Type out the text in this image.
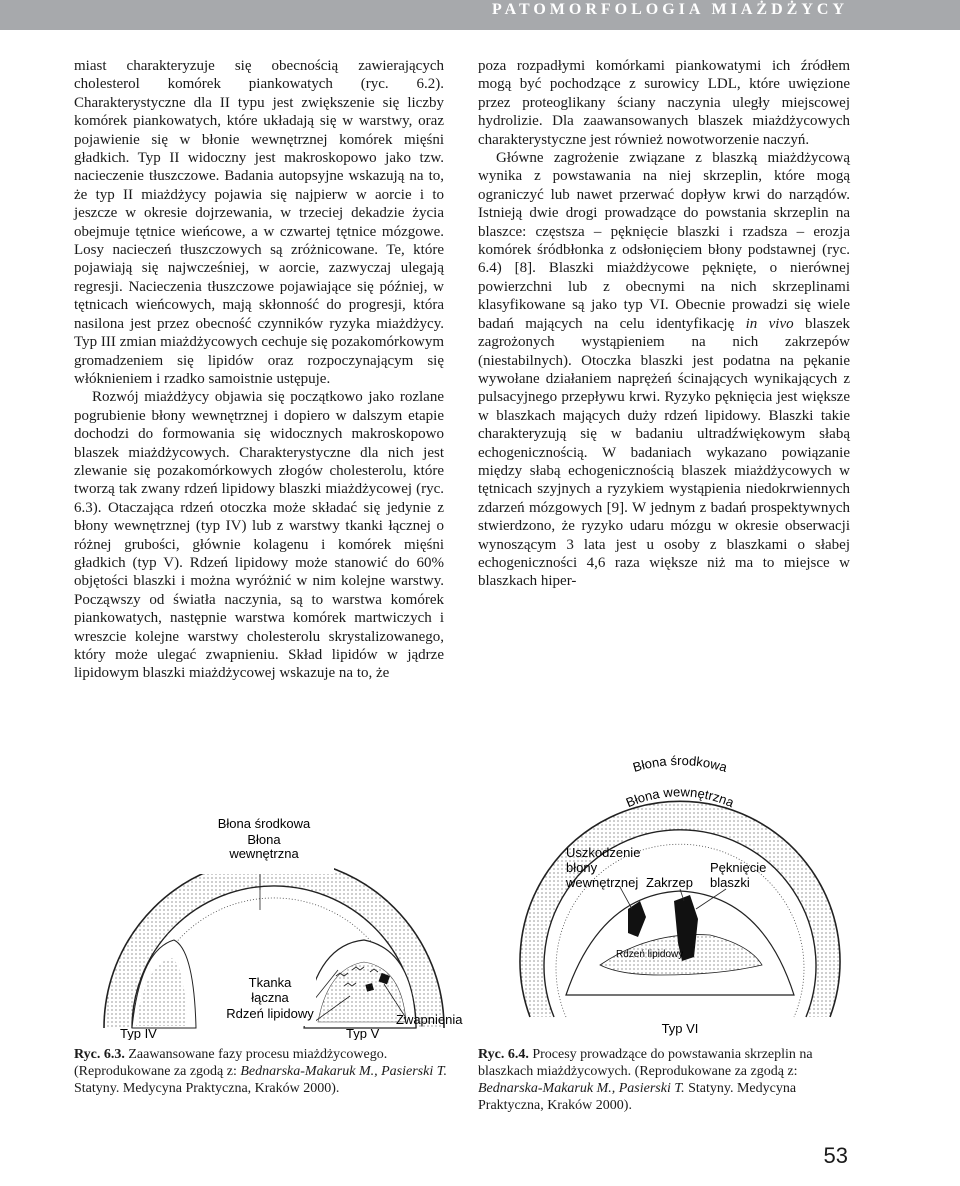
PATOMORFOLOGIA MIAŻDŻYCY

miast charakteryzuje się obecnością zawierających cholesterol komórek piankowatych (ryc. 6.2). Charakterystyczne dla II typu jest zwiększenie się liczby komórek piankowatych, które układają się w warstwy, oraz pojawienie się w błonie wewnętrznej komórek mięśni gładkich. Typ II widoczny jest makroskopowo jako tzw. nacieczenie tłuszczowe. Badania autopsyjne wskazują na to, że typ II miażdżycy pojawia się najpierw w aorcie i to jeszcze w okresie dojrzewania, w trzeciej dekadzie życia obejmuje tętnice wieńcowe, a w czwartej tętnice mózgowe. Losy nacieczeń tłuszczowych są zróżnicowane. Te, które pojawiają się najwcześniej, w aorcie, zazwyczaj ulegają regresji. Nacieczenia tłuszczowe pojawiające się później, w tętnicach wieńcowych, mają skłonność do progresji, która nasilona jest przez obecność czynników ryzyka miażdżycy. Typ III zmian miażdżycowych cechuje się pozakomórkowym gromadzeniem się lipidów oraz rozpoczynającym się włóknieniem i rzadko samoistnie ustępuje.

Rozwój miażdżycy objawia się początkowo jako rozlane pogrubienie błony wewnętrznej i dopiero w dalszym etapie dochodzi do formowania się widocznych makroskopowo blaszek miażdżycowych. Charakterystyczne dla nich jest zlewanie się pozakomórkowych złogów cholesterolu, które tworzą tak zwany rdzeń lipidowy blaszki miażdżycowej (ryc. 6.3). Otaczająca rdzeń otoczka może składać się jedynie z błony wewnętrznej (typ IV) lub z warstwy tkanki łącznej o różnej grubości, głównie kolagenu i komórek mięśni gładkich (typ V). Rdzeń lipidowy może stanowić do 60% objętości blaszki i można wyróżnić w nim kolejne warstwy. Począwszy od światła naczynia, są to warstwa komórek piankowatych, następnie warstwa komórek martwiczych i wreszcie kolejne warstwy cholesterolu skrystalizowanego, który może ulegać zwapnieniu. Skład lipidów w jądrze lipidowym blaszki miażdżycowej wskazuje na to, że

poza rozpadłymi komórkami piankowatymi ich źródłem mogą być pochodzące z surowicy LDL, które uwięzione przez proteoglikany ściany naczynia uległy miejscowej hydrolizie. Dla zaawansowanych blaszek miażdżycowych charakterystyczne jest również nowotworzenie naczyń.

Główne zagrożenie związane z blaszką miażdżycową wynika z powstawania na niej skrzeplin, które mogą ograniczyć lub nawet przerwać dopływ krwi do narządów. Istnieją dwie drogi prowadzące do powstania skrzeplin na blaszce: częstsza – pęknięcie blaszki i rzadsza – erozja komórek śródbłonka z odsłonięciem błony podstawnej (ryc. 6.4) [8]. Blaszki miażdżycowe pęknięte, o nierównej powierzchni lub z obecnymi na nich skrzeplinami klasyfikowane są jako typ VI. Obecnie prowadzi się wiele badań mających na celu identyfikację in vivo blaszek zagrożonych wystąpieniem na nich zakrzepów (niestabilnych). Otoczka blaszki jest podatna na pękanie wywołane działaniem naprężeń ścinających wynikających z pulsacyjnego przepływu krwi. Ryzyko pęknięcia jest większe w blaszkach mających duży rdzeń lipidowy. Blaszki takie charakteryzują się w badaniu ultradźwiękowym słabą echogenicznością. W badaniach wykazano powiązanie między słabą echogenicznością blaszek miażdżycowych w tętnicach szyjnych a ryzykiem wystąpienia niedokrwiennych zdarzeń mózgowych [9]. W jednym z badań prospektywnych stwierdzono, że ryzyko udaru mózgu w okresie obserwacji wynoszącym 3 lata jest u osoby z blaszkami o słabej echogeniczności 4,6 raza większe niż ma to miejsce w blaszkach hiper-

Błona środkowa
Błona
wewnętrzna
Tkanka
łączna
Rdzeń lipidowy	Zwapnienia
Typ IV	Typ V
Ryc. 6.3. Zaawansowane fazy procesu miażdżycowego. (Reprodukowane za zgodą z: Bednarska-Makaruk M., Pasierski T. Statyny. Medycyna Praktyczna, Kraków 2000).
Błona środkowa
Błona wewnętrzna
Uszkodzenie
błony
wewnętrznej Zakrzep
Pęknięcie
blaszki
Rdzeń lipidowy
Typ VI
Ryc. 6.4. Procesy prowadzące do powstawania skrzeplin na blaszkach miażdżycowych. (Reprodukowane za zgodą z: Bednarska-Makaruk M., Pasierski T. Statyny. Medycyna Praktyczna, Kraków 2000).
53
